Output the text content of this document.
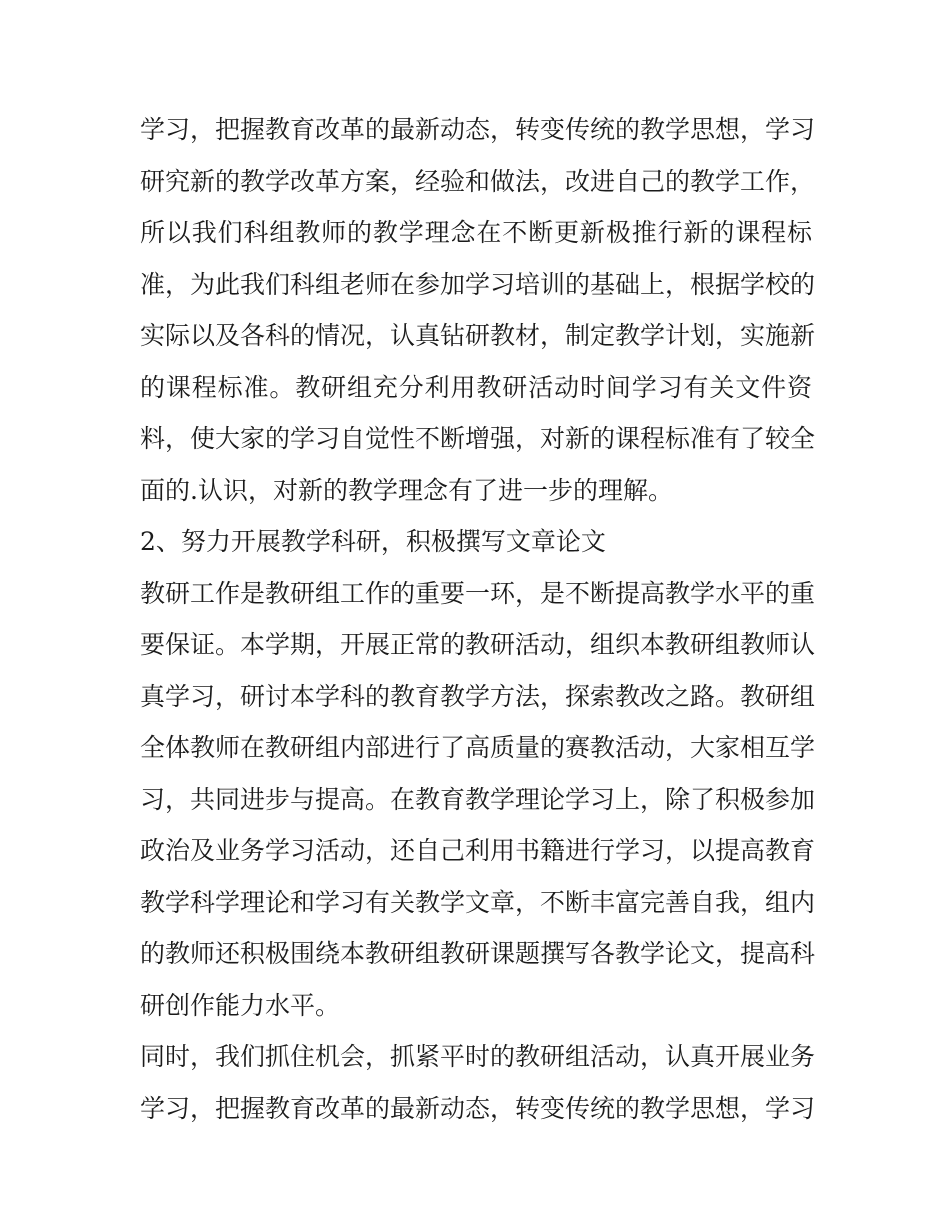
学习，把握教育改革的最新动态，转变传统的教学思想，学习
研究新的教学改革方案，经验和做法，改进自己的教学工作，
所以我们科组教师的教学理念在不断更新极推行新的课程标
准，为此我们科组老师在参加学习培训的基础上，根据学校的
实际以及各科的情况，认真钻研教材，制定教学计划，实施新
的课程标准。教研组充分利用教研活动时间学习有关文件资
料，使大家的学习自觉性不断增强，对新的课程标准有了较全
面的.认识，对新的教学理念有了进一步的理解。
2、努力开展教学科研，积极撰写文章论文
教研工作是教研组工作的重要一环，是不断提高教学水平的重
要保证。本学期，开展正常的教研活动，组织本教研组教师认
真学习，研讨本学科的教育教学方法，探索教改之路。教研组
全体教师在教研组内部进行了高质量的赛教活动，大家相互学
习，共同进步与提高。在教育教学理论学习上，除了积极参加
政治及业务学习活动，还自己利用书籍进行学习，以提高教育
教学科学理论和学习有关教学文章，不断丰富完善自我，组内
的教师还积极围绕本教研组教研课题撰写各教学论文，提高科
研创作能力水平。
同时，我们抓住机会，抓紧平时的教研组活动，认真开展业务
学习，把握教育改革的最新动态，转变传统的教学思想，学习
